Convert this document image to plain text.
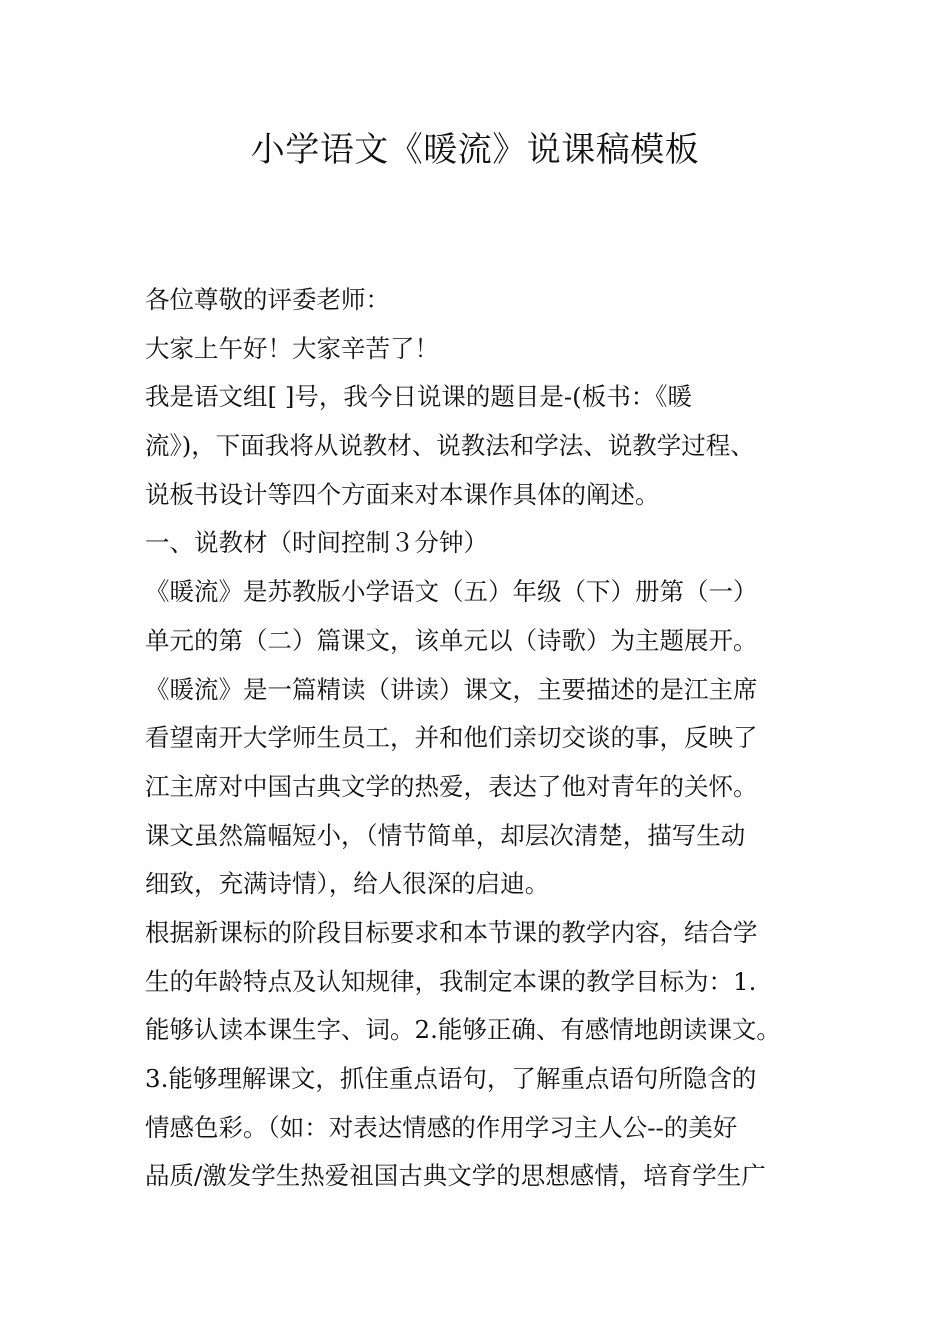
小学语文《暖流》说课稿模板
各位尊敬的评委老师：
大家上午好！大家辛苦了！
我是语文组[ ]号，我今日说课的题目是-(板书：《暖
流》)，下面我将从说教材、说教法和学法、说教学过程、
说板书设计等四个方面来对本课作具体的阐述。
一、说教材（时间控制３分钟）
《暖流》是苏教版小学语文（五）年级（下）册第（一）
单元的第（二）篇课文，该单元以（诗歌）为主题展开。
《暖流》是一篇精读（讲读）课文，主要描述的是江主席
看望南开大学师生员工，并和他们亲切交谈的事，反映了
江主席对中国古典文学的热爱，表达了他对青年的关怀。
课文虽然篇幅短小，（情节简单，却层次清楚，描写生动
细致，充满诗情），给人很深的启迪。
根据新课标的阶段目标要求和本节课的教学内容，结合学
生的年龄特点及认知规律，我制定本课的教学目标为：1.
能够认读本课生字、词。2.能够正确、有感情地朗读课文。
3.能够理解课文，抓住重点语句，了解重点语句所隐含的
情感色彩。（如：对表达情感的作用学习主人公--的美好
品质/激发学生热爱祖国古典文学的思想感情，培育学生广
